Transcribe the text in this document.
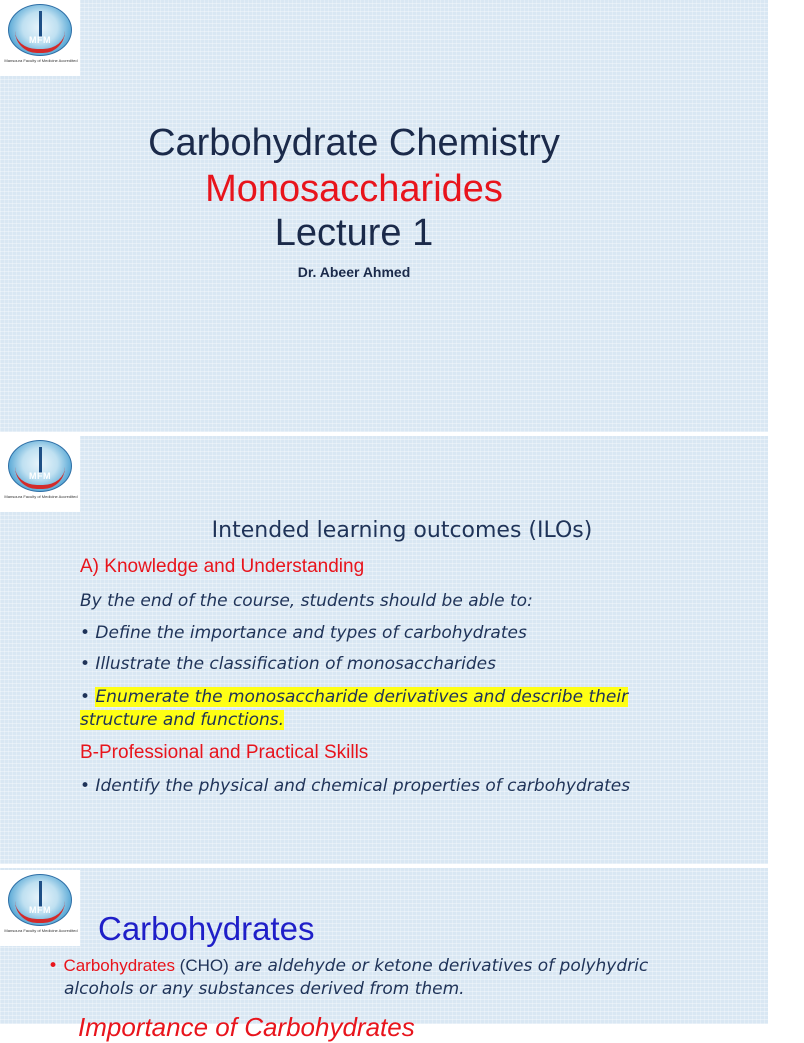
MFM
Mansoura Faculty of Medicine Accredited
Carbohydrate Chemistry
Monosaccharides
Lecture 1
Dr. Abeer Ahmed
MFM
Mansoura Faculty of Medicine Accredited
Intended learning outcomes (ILOs)
A) Knowledge and Understanding
By the end of the course, students should be able to:
• Define the importance and types of carbohydrates
• Illustrate the classification of monosaccharides
• Enumerate the monosaccharide derivatives and describe their
structure and functions.
B-Professional and Practical Skills
• Identify the physical and chemical properties of carbohydrates
MFM
Mansoura Faculty of Medicine Accredited Carbohydrates
• Carbohydrates (CHO) are aldehyde or ketone derivatives of polyhydric
alcohols or any substances derived from them.
Importance of Carbohydrates
